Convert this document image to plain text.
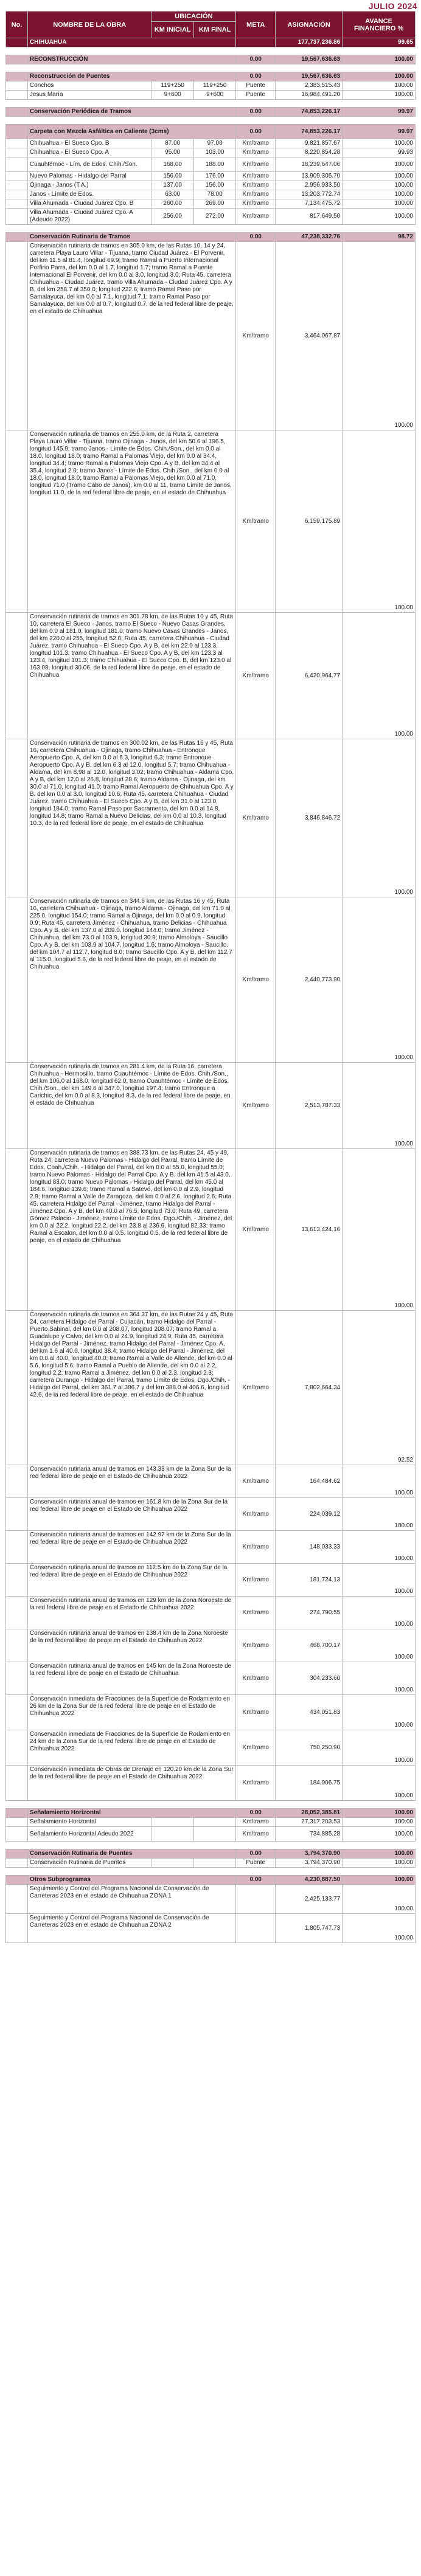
JULIO 2024
No.	NOMBRE DE LA OBRA	UBICACIÓN		META	ASIGNACIÓN	AVANCE FINANCIERO %
		KM INICIAL	KM FINAL			
	CHIHUAHUA				177,737,236.86	99.65

	RECONSTRUCCIÓN			0.00	19,567,636.63	100.00

	Reconstrucción de Puentes			0.00	19,567,636.63	100.00
	Conchos	119+250	119+250	Puente	2,383,515.43	100.00
	Jesus María	9+600	9+600	Puente	16,984,491.20	100.00

	Conservación Periódica de Tramos			0.00	74,853,226.17	99.97

	Carpeta con Mezcla Asfáltica en Caliente (3cms)			0.00	74,853,226.17	99.97
	Chihuahua - El Sueco Cpo. B	87.00	97.00	Km/tramo	9,821,857.67	100.00
	Chihuahua - El Sueco Cpo. A	95.00	103.00	Km/tramo	8,220,854.28	99.93
	Cuauhtémoc - Lím. de Edos. Chih./Son.	168.00	188.00	Km/tramo	18,239,647.06	100.00
	Nuevo Palomas - Hidalgo del Parral	156.00	176.00	Km/tramo	13,909,305.70	100.00
	Ojinaga - Janos (T.A.)	137.00	156.00	Km/tramo	2,956,933.50	100.00
	Janos - Límite de Edos.	63.00	78.00	Km/tramo	13,203,772.74	100.00
	Villa Ahumada - Ciudad Juárez Cpo. B	260.00	269.00	Km/tramo	7,134,475.72	100.00
	Villa Ahumada - Ciudad Juárez Cpo. A (Adeudo 2022)	256.00	272.00	Km/tramo	817,649.50	100.00

	Conservación Rutinaria de Tramos			0.00	47,238,332.76	98.72
	Conservación rutinaria de tramos en 305.0 km, de las Rutas 10, 14 y 24, carretera Playa Lauro Villar - Tijuana, tramo Ciudad Juárez - El Porvenir, del km 11.5 al 81.4, longitud 69.9; tramo Ramal a Puerto Internacional Porfirio Parra, del km 0.0 al 1.7, longitud 1.7; tramo Ramal a Puente Internacional El Porvenir, del km 0.0 al 3.0, longitud 3.0; Ruta 45, carretera Chihuahua - Ciudad Juárez, tramo Villa Ahumada - Ciudad Juárez Cpo. A y B, del km 258.7 al 350.0, longitud 222.6; tramo Ramal Paso por Samalayuca, del km 0.0 al 7.1, longitud 7.1; tramo Ramal Paso por Samalayuca, del km 0.0 al 0.7, longitud 0.7, de la red federal libre de peaje, en el estado de Chihuahua			Km/tramo	3,464,067.87	100.00
	Conservación rutinaria de tramos en 255.0 km, de la Ruta 2, carretera Playa Lauro Villar - Tijuana, tramo Ojinaga - Janos, del km 50.6 al 196.5, longitud 145.9; tramo Janos - Límite de Edos. Chih./Son., del km 0.0 al 18.0, longitud 18.0; tramo Ramal a Palomas Viejo, del km 0.0 al 34.4, longitud 34.4; tramo Ramal a Palomas Viejo Cpo. A y B, del km 34.4 al 35.4, longitud 2.0; tramo Janos - Límite de Edos. Chih./Son., del km 0.0 al 18.0, longitud 18.0; tramo Ramal a Palomas Viejo, del km 0.0 al 71.0, longitud 71.0 (Tramo Cabo de Janos), km 0.0 al 11, tramo Límite de Janos, longitud 11.0, de la red federal libre de peaje, en el estado de Chihuahua			Km/tramo	6,159,175.89	100.00
	Conservación rutinaria de tramos en 301.78 km, de las Rutas 10 y 45, Ruta 10, carretera El Sueco - Janos, tramo El Sueco - Nuevo Casas Grandes, del km 0.0 al 181.0, longitud 181.0; tramo Nuevo Casas Grandes - Janos, del km 220.0 al 255, longitud 52.0; Ruta 45, carretera Chihuahua - Ciudad Juárez, tramo Chihuahua - El Sueco Cpo. A y B, del km 22.0 al 123.3, longitud 101.3; tramo Chihuahua - El Sueco Cpo. A y B, del km 123.3 al 123.4, longitud 101.3; tramo Chihuahua - El Sueco Cpo. B, del km 123.0 al 163.08, longitud 30.06, de la red federal libre de peaje, en el estado de Chihuahua			Km/tramo	6,420,964.77	100.00
	Conservación rutinaria de tramos en 300.02 km, de las Rutas 16 y 45, Ruta 16, carretera Chihuahua - Ojinaga, tramo Chihuahua - Entronque Aeropuerto Cpo. A, del km 0.0 al 6.3, longitud 6.3; tramo Entronque Aeropuerto Cpo. A y B, del km 6.3 al 12.0, longitud 5.7; tramo Chihuahua - Aldama, del km 8.98 al 12.0, longitud 3.02; tramo Chihuahua - Aldama Cpo. A y B, del km 12.0 al 26.8, longitud 28.6; tramo Aldama - Ojinaga, del km 30.0 al 71.0, longitud 41.0; tramo Ramal Aeropuerto de Chihuahua Cpo. A y B, del km 0.0 al 3.0, longitud 10.6; Ruta 45, carretera Chihuahua - Ciudad Juárez, tramo Chihuahua - El Sueco Cpo. A y B, del km 31.0 al 123.0, longitud 184.0; tramo Ramal Paso por Sacramento, del km 0.0 al 14.8, longitud 14.8; tramo Ramal a Nuevo Delicias, del km 0.0 al 10.3, longitud 10.3, de la red federal libre de peaje, en el estado de Chihuahua			Km/tramo	3,846,846.72	100.00
	Conservación rutinaria de tramos en 344.6 km, de las Rutas 16 y 45, Ruta 16, carretera Chihuahua - Ojinaga, tramo Aldama - Ojinaga, del km 71.0 al 225.0, longitud 154.0; tramo Ramal a Ojinaga, del km 0.0 al 0.9, longitud 0.9; Ruta 45, carretera Jiménez - Chihuahua, tramo Delicias - Chihuahua Cpo. A y B, del km 137.0 al 209.0, longitud 144.0; tramo Jiménez - Chihuahua, del km 73.0 al 103.9, longitud 30.9; tramo Almoloya - Saucillo Cpo. A y B, del km 103.9 al 104.7, longitud 1.6; tramo Almoloya - Saucillo, del km 104.7 al 112.7, longitud 8.0; tramo Saucillo Cpo. A y B, del km 112.7 al 115.0, longitud 5.6, de la red federal libre de peaje, en el estado de Chihuahua			Km/tramo	2,440,773.90	100.00
	Conservación rutinaria de tramos en 281.4 km, de la Ruta 16, carretera Chihuahua - Hermosillo, tramo Cuauhtémoc - Límite de Edos. Chih./Son., del km 106.0 al 168.0, longitud 62.0; tramo Cuauhtémoc - Límite de Edos. Chih./Son., del km 149.6 al 347.0, longitud 197.4; tramo Entronque a Carichic, del km 0.0 al 8.3, longitud 8.3, de la red federal libre de peaje, en el estado de Chihuahua			Km/tramo	2,513,787.33	100.00
	Conservación rutinaria de tramos en 388.73 km, de las Rutas 24, 45 y 49, Ruta 24, carretera Nuevo Palomas - Hidalgo del Parral, tramo Límite de Edos. Coah./Chih. - Hidalgo del Parral, del km 0.0 al 55.0, longitud 55.0; tramo Nuevo Palomas - Hidalgo del Parral Cpo. A y B, del km 41.5 al 43.0, longitud 83.0; tramo Nuevo Palomas - Hidalgo del Parral, del km 45.0 al 184.6, longitud 139.6; tramo Ramal a Satevó, del km 0.0 al 2.9, longitud 2.9; tramo Ramal a Valle de Zaragoza, del km 0.0 al 2.6, longitud 2.6; Ruta 45, carretera Hidalgo del Parral - Jiménez, tramo Hidalgo del Parral - Jiménez Cpo. A y B, del km 40.0 al 76.5, longitud 73.0; Ruta 49, carretera Gómez Palacio - Jiménez, tramo Límite de Edos. Dgo./Chih. - Jiménez, del km 0.0 al 22.2, longitud 22.2, del km 23.8 al 236.6, longitud 82.33; tramo Ramal a Escalon, del km 0.0 al 0.5, longitud 0.5, de la red federal libre de peaje, en el estado de Chihuahua			Km/tramo	13,613,424.16	100.00
	Conservación rutinaria de tramos en 364.37 km, de las Rutas 24 y 45, Ruta 24, carretera Hidalgo del Parral - Culiacán, tramo Hidalgo del Parral - Puerto Sabinal, del km 0.0 al 208.07, longitud 208.07; tramo Ramal a Guadalupe y Calvo, del km 0.0 al 24.9, longitud 24.9; Ruta 45, carretera Hidalgo del Parral - Jiménez, tramo Hidalgo del Parral - Jiménez Cpo. A, del km 1.6 al 40.0, longitud 38.4; tramo Hidalgo del Parral - Jiménez, del km 0.0 al 40.0, longitud 40.0; tramo Ramal a Valle de Allende, del km 0.0 al 5.6, longitud 5.6; tramo Ramal a Pueblo de Allende, del km 0.0 al 2.2, longitud 2.2; tramo Ramal a Jiménez, del km 0.0 al 2.3, longitud 2.3; carretera Durango - Hidalgo del Parral, tramo Límite de Edos. Dgo./Chih. - Hidalgo del Parral, del km 361.7 al 386.7 y del km 388.0 al 406.6, longitud 42.6, de la red federal libre de peaje, en el estado de Chihuahua			Km/tramo	7,802,664.34	92.52
	Conservación rutinaria anual de tramos en 143.33 km de la Zona Sur de la red federal libre de peaje en el Estado de Chihuahua 2022			Km/tramo	164,484.62	100.00
	Conservación rutinaria anual de tramos en 161.8 km de la Zona Sur de la red federal libre de peaje en el Estado de Chihuahua 2022			Km/tramo	224,039.12	100.00
	Conservación rutinaria anual de tramos en 142.97 km de la Zona Sur de la red federal libre de peaje en el Estado de Chihuahua 2022			Km/tramo	148,033.33	100.00
	Conservación rutinaria anual de tramos en 112.5 km de la Zona Sur de la red federal libre de peaje en el Estado de Chihuahua 2022			Km/tramo	181,724.13	100.00
	Conservación rutinaria anual de tramos en 129 km de la Zona Noroeste de la red federal libre de peaje en el Estado de Chihuahua 2022			Km/tramo	274,790.55	100.00
	Conservación rutinaria anual de tramos en 138.4 km de la Zona Noroeste de la red federal libre de peaje en el Estado de Chihuahua 2022			Km/tramo	468,700.17	100.00
	Conservación rutinaria anual de tramos en 145 km de la Zona Noroeste de la red federal libre de peaje en el Estado de Chihuahua			Km/tramo	304,233.60	100.00
	Conservación inmediata de Fracciones de la Superficie de Rodamiento en 26 km de la Zona Sur de la red federal libre de peaje en el Estado de Chihuahua 2022			Km/tramo	434,051.83	100.00
	Conservación inmediata de Fracciones de la Superficie de Rodamiento en 24 km de la Zona Sur de la red federal libre de peaje en el Estado de Chihuahua 2022			Km/tramo	750,250.90	100.00
	Conservación inmediata de Obras de Drenaje en 120.20 km de la Zona Sur de la red federal libre de peaje en el Estado de Chihuahua 2022			Km/tramo	184,006.75	100.00

	Señalamiento Horizontal			0.00	28,052,385.81	100.00
	Señalamiento Horizontal			Km/tramo	27,317,203.53	100.00
	Señalamiento Horizontal Adeudo 2022			Km/tramo	734,885.28	100.00

	Conservación Rutinaria de Puentes			0.00	3,794,370.90	100.00
	Conservación Rutinaria de Puentes			Puente	3,794,370.90	100.00

	Otros Subprogramas			0.00	4,230,887.50	100.00
	Seguimiento y Control del Programa Nacional de Conservación de Carreteras 2023 en el estado de Chihuahua ZONA 1				2,425,133.77	100.00
	Seguimiento y Control del Programa Nacional de Conservación de Carreteras 2023 en el estado de Chihuahua ZONA 2				1,805,747.73	100.00
